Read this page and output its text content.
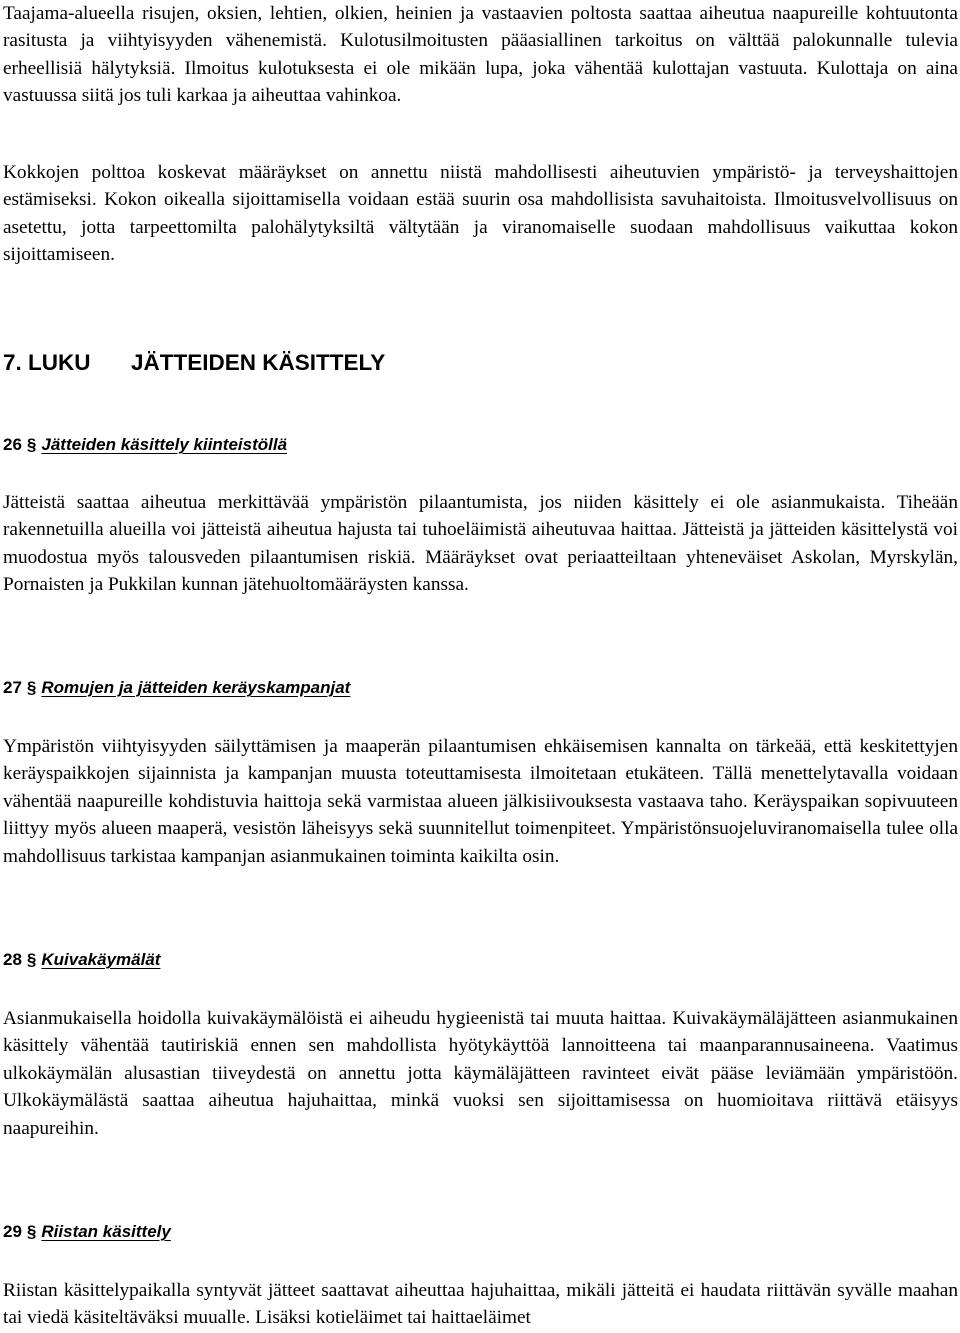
Taajama-alueella risujen, oksien, lehtien, olkien, heinien ja vastaavien poltosta saattaa aiheutua naapureille kohtuutonta rasitusta ja viihtyisyyden vähenemistä. Kulotusilmoitusten pääasiallinen tarkoitus on välttää palokunnalle tulevia erheellisiä hälytyksiä. Ilmoitus kulotuksesta ei ole mikään lupa, joka vähentää kulottajan vastuuta. Kulottaja on aina vastuussa siitä jos tuli karkaa ja aiheuttaa vahinkoa.

Kokkojen polttoa koskevat määräykset on annettu niistä mahdollisesti aiheutuvien ympäristö- ja terveyshaittojen estämiseksi. Kokon oikealla sijoittamisella voidaan estää suurin osa mahdollisista savuhaitoista. Ilmoitusvelvollisuus on asetettu, jotta tarpeettomilta palohälytyksiltä vältytään ja viranomaiselle suodaan mahdollisuus vaikuttaa kokon sijoittamiseen.

7. LUKU JÄTTEIDEN KÄSITTELY
26 § Jätteiden käsittely kiinteistöllä

Jätteistä saattaa aiheutua merkittävää ympäristön pilaantumista, jos niiden käsittely ei ole asianmukaista. Tiheään rakennetuilla alueilla voi jätteistä aiheutua hajusta tai tuhoeläimistä aiheutuvaa haittaa. Jätteistä ja jätteiden käsittelystä voi muodostua myös talousveden pilaantumisen riskiä. Määräykset ovat periaatteiltaan yhteneväiset Askolan, Myrskylän, Pornaisten ja Pukkilan kunnan jätehuoltomääräysten kanssa.

27 § Romujen ja jätteiden keräyskampanjat

Ympäristön viihtyisyyden säilyttämisen ja maaperän pilaantumisen ehkäisemisen kannalta on tärkeää, että keskitettyjen keräyspaikkojen sijainnista ja kampanjan muusta toteuttamisesta ilmoitetaan etukäteen. Tällä menettelytavalla voidaan vähentää naapureille kohdistuvia haittoja sekä varmistaa alueen jälkisiivouksesta vastaava taho. Keräyspaikan sopivuuteen liittyy myös alueen maaperä, vesistön läheisyys sekä suunnitellut toimenpiteet. Ympäristönsuojeluviranomaisella tulee olla mahdollisuus tarkistaa kampanjan asianmukainen toiminta kaikilta osin.

28 § Kuivakäymälät

Asianmukaisella hoidolla kuivakäymälöistä ei aiheudu hygieenistä tai muuta haittaa. Kuivakäymäläjätteen asianmukainen käsittely vähentää tautiriskiä ennen sen mahdollista hyötykäyttöä lannoitteena tai maanparannusaineena. Vaatimus ulkokäymälän alusastian tiiveydestä on annettu jotta käymäläjätteen ravinteet eivät pääse leviämään ympäristöön. Ulkokäymälästä saattaa aiheutua hajuhaittaa, minkä vuoksi sen sijoittamisessa on huomioitava riittävä etäisyys naapureihin.

29 § Riistan käsittely

Riistan käsittelypaikalla syntyvät jätteet saattavat aiheuttaa hajuhaittaa, mikäli jätteitä ei haudata riittävän syvälle maahan tai viedä käsiteltäväksi muualle. Lisäksi kotieläimet tai haittaeläimet
